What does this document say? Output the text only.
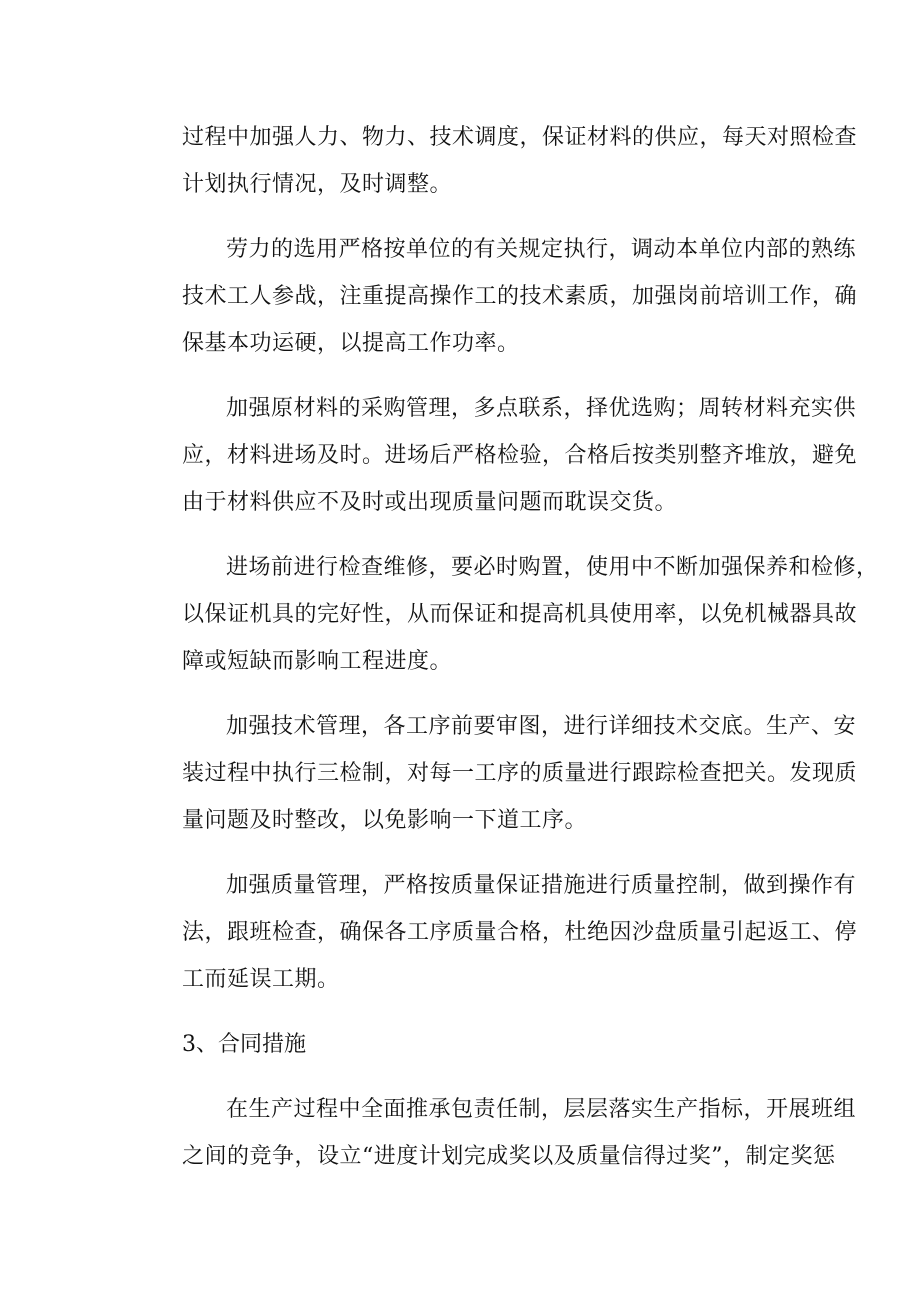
过程中加强人力、物力、技术调度，保证材料的供应，每天对照检查
计划执行情况，及时调整。
劳力的选用严格按单位的有关规定执行，调动本单位内部的熟练
技术工人参战，注重提高操作工的技术素质，加强岗前培训工作，确
保基本功运硬，以提高工作功率。
加强原材料的采购管理，多点联系，择优选购；周转材料充实供
应，材料进场及时。进场后严格检验，合格后按类别整齐堆放，避免
由于材料供应不及时或出现质量问题而耽误交货。
进场前进行检查维修，要必时购置，使用中不断加强保养和检修，
以保证机具的完好性，从而保证和提高机具使用率，以免机械器具故
障或短缺而影响工程进度。
加强技术管理，各工序前要审图，进行详细技术交底。生产、安
装过程中执行三检制，对每一工序的质量进行跟踪检查把关。发现质
量问题及时整改，以免影响一下道工序。
加强质量管理，严格按质量保证措施进行质量控制，做到操作有
法，跟班检查，确保各工序质量合格，杜绝因沙盘质量引起返工、停
工而延误工期。
3、合同措施
在生产过程中全面推承包责任制，层层落实生产指标，开展班组
之间的竞争，设立“进度计划完成奖以及质量信得过奖”，制定奖惩
